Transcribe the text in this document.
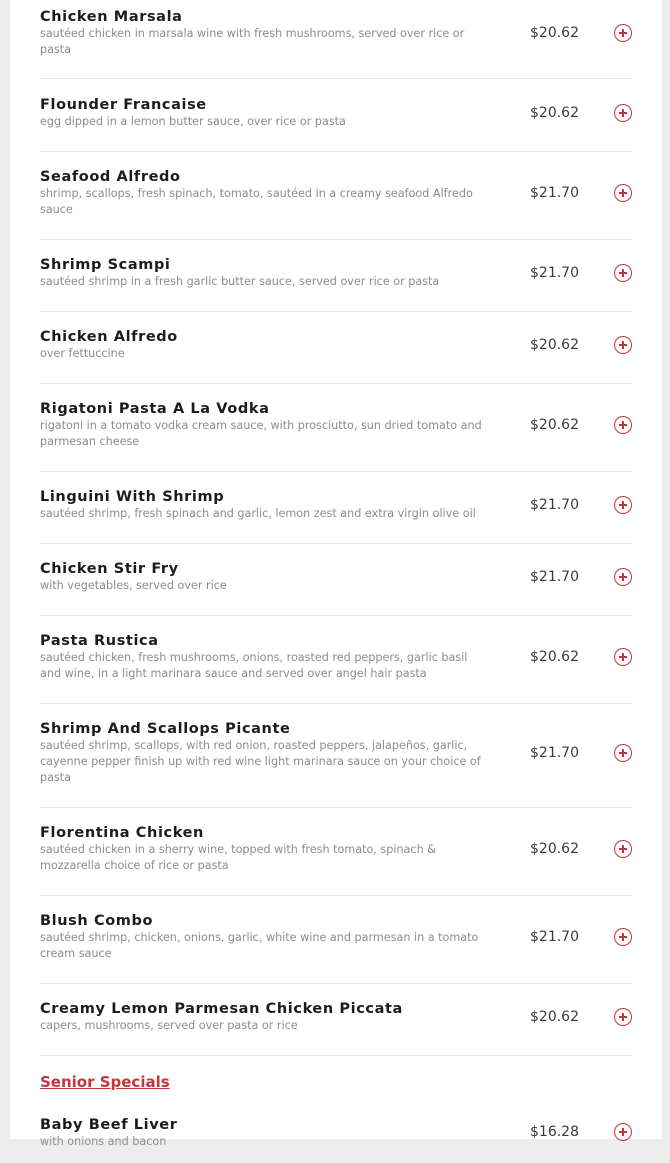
Chicken Marsala

sautéed chicken in marsala wine with fresh mushrooms, served over rice or pasta

$20.62
Flounder Francaise

egg dipped in a lemon butter sauce, over rice or pasta

$20.62
Seafood Alfredo

shrimp, scallops, fresh spinach, tomato, sautéed in a creamy seafood Alfredo sauce

$21.70
Shrimp Scampi

sautéed shrimp in a fresh garlic butter sauce, served over rice or pasta

$21.70
Chicken Alfredo

over fettuccine

$20.62
Rigatoni Pasta A La Vodka

rigatoni in a tomato vodka cream sauce, with prosciutto, sun dried tomato and parmesan cheese

$20.62
Linguini With Shrimp

sautéed shrimp, fresh spinach and garlic, lemon zest and extra virgin olive oil

$21.70
Chicken Stir Fry

with vegetables, served over rice

$21.70
Pasta Rustica

sautéed chicken, fresh mushrooms, onions, roasted red peppers, garlic basil and wine, in a light marinara sauce and served over angel hair pasta

$20.62
Shrimp And Scallops Picante

sautéed shrimp, scallops, with red onion, roasted peppers, jalapeños, garlic, cayenne pepper finish up with red wine light marinara sauce on your choice of pasta

$21.70
Florentina Chicken

sautéed chicken in a sherry wine, topped with fresh tomato, spinach & mozzarella choice of rice or pasta

$20.62
Blush Combo

sautéed shrimp, chicken, onions, garlic, white wine and parmesan in a tomato cream sauce

$21.70
Creamy Lemon Parmesan Chicken Piccata

capers, mushrooms, served over pasta or rice

$20.62
Senior Specials
Baby Beef Liver

with onions and bacon

$16.28
